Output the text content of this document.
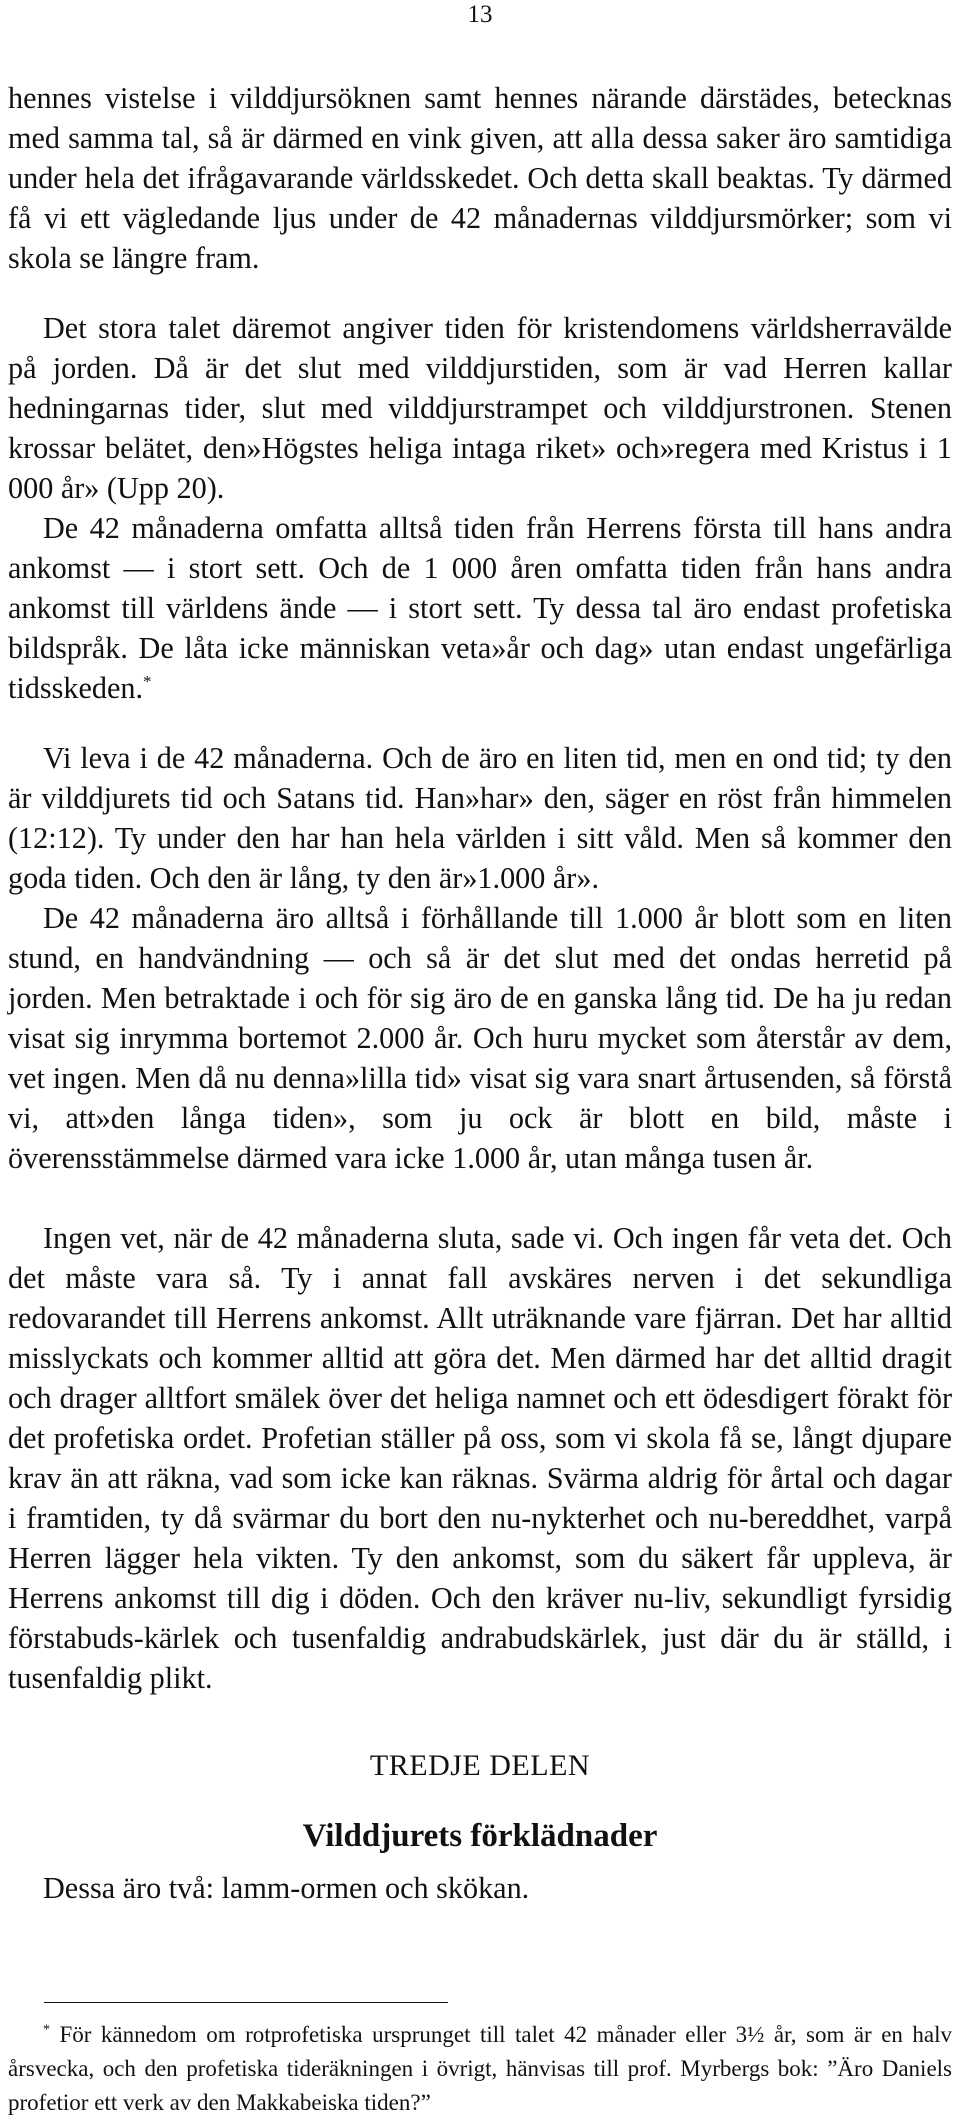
13

hennes vistelse i vilddjursöknen samt hennes närande därstädes, betecknas med samma tal, så är därmed en vink given, att alla dessa saker äro samtidiga under hela det ifrågavarande världsskedet. Och detta skall beaktas. Ty därmed få vi ett vägledande ljus under de 42 månadernas vilddjursmörker; som vi skola se längre fram.

Det stora talet däremot angiver tiden för kristendomens världsherravälde på jorden. Då är det slut med vilddjurstiden, som är vad Herren kallar hedningarnas tider, slut med vilddjurstrampet och vilddjurstronen. Stenen krossar belätet, den»Högstes heliga intaga riket» och»regera med Kristus i 1 000 år» (Upp 20).

De 42 månaderna omfatta alltså tiden från Herrens första till hans andra ankomst — i stort sett. Och de 1 000 åren omfatta tiden från hans andra ankomst till världens ände — i stort sett. Ty dessa tal äro endast profetiska bildspråk. De låta icke människan veta»år och dag» utan endast ungefärliga tidsskeden.*

Vi leva i de 42 månaderna. Och de äro en liten tid, men en ond tid; ty den är vilddjurets tid och Satans tid. Han»har» den, säger en röst från himmelen (12:12). Ty under den har han hela världen i sitt våld. Men så kommer den goda tiden. Och den är lång, ty den är»1.000 år».

De 42 månaderna äro alltså i förhållande till 1.000 år blott som en liten stund, en handvändning — och så är det slut med det ondas herretid på jorden. Men betraktade i och för sig äro de en ganska lång tid. De ha ju redan visat sig inrymma bortemot 2.000 år. Och huru mycket som återstår av dem, vet ingen. Men då nu denna»lilla tid» visat sig vara snart årtusenden, så förstå vi, att»den långa tiden», som ju ock är blott en bild, måste i överensstämmelse därmed vara icke 1.000 år, utan många tusen år.

Ingen vet, när de 42 månaderna sluta, sade vi. Och ingen får veta det. Och det måste vara så. Ty i annat fall avskäres nerven i det sekundliga redovarandet till Herrens ankomst. Allt uträknande vare fjärran. Det har alltid misslyckats och kommer alltid att göra det. Men därmed har det alltid dragit och drager alltfort smälek över det heliga namnet och ett ödesdigert förakt för det profetiska ordet. Profetian ställer på oss, som vi skola få se, långt djupare krav än att räkna, vad som icke kan räknas. Svärma aldrig för årtal och dagar i framtiden, ty då svärmar du bort den nu-nykterhet och nu-bereddhet, varpå Herren lägger hela vikten. Ty den ankomst, som du säkert får uppleva, är Herrens ankomst till dig i döden. Och den kräver nu-liv, sekundligt fyrsidig förstabuds-kärlek och tusenfaldig andrabudskärlek, just där du är ställd, i tusenfaldig plikt.

TREDJE DELEN
Vilddjurets förklädnader

Dessa äro två: lamm-ormen och skökan.

* För kännedom om rotprofetiska ursprunget till talet 42 månader eller 3½ år, som är en halv årsvecka, och den profetiska tideräkningen i övrigt, hänvisas till prof. Myrbergs bok: ”Äro Daniels profetior ett verk av den Makkabeiska tiden?”
